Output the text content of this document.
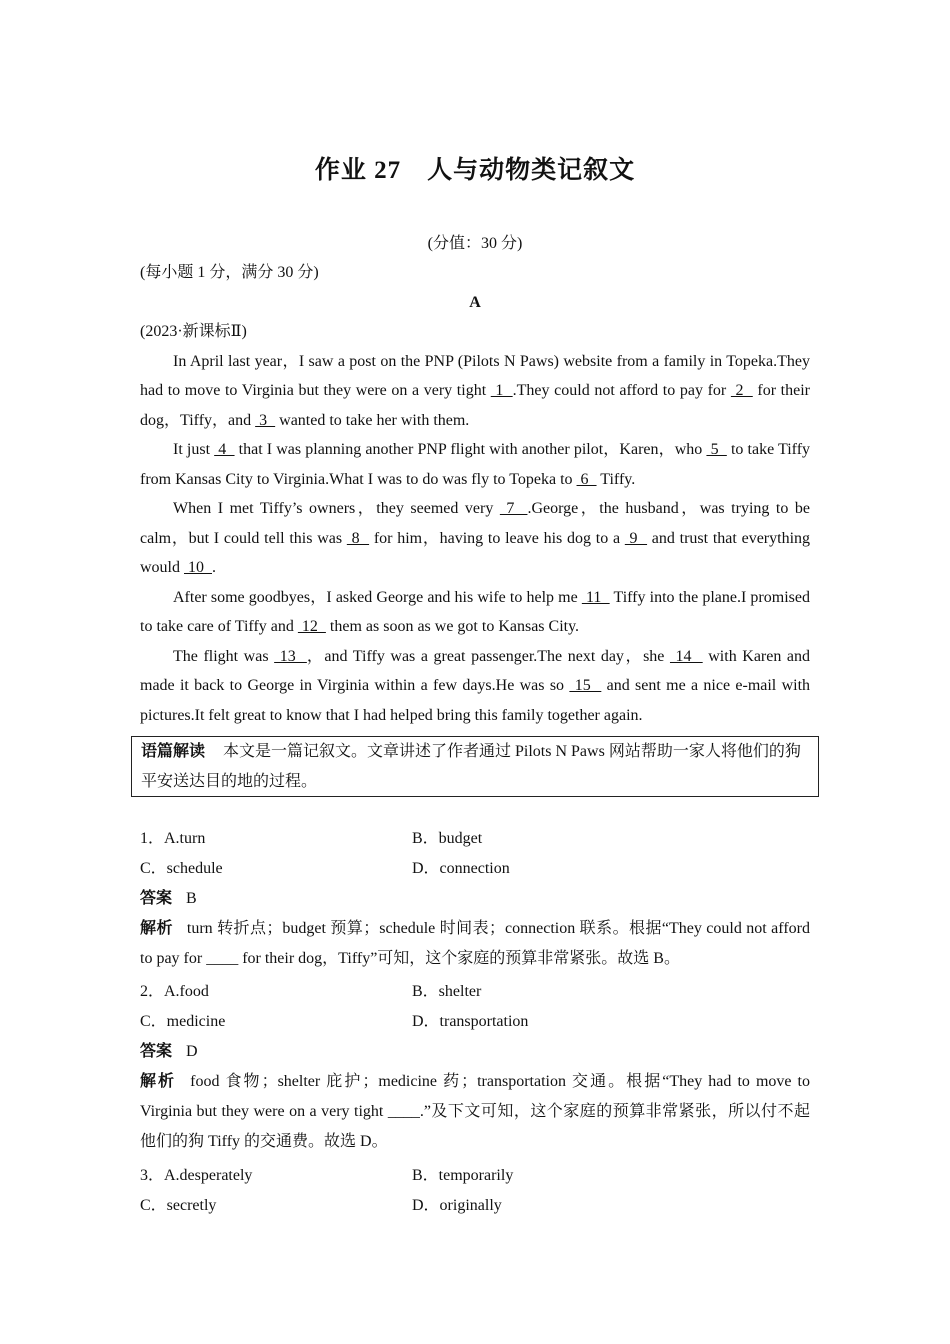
作业 27　人与动物类记叙文
(分值：30 分)
(每小题 1 分，满分 30 分)
A
(2023·新课标Ⅱ)

In April last year，I saw a post on the PNP (Pilots N Paws) website from a family in Topeka.They had to move to Virginia but they were on a very tight  1  .They could not afford to pay for  2   for their dog，Tiffy，and  3   wanted to take her with them.

It just  4   that I was planning another PNP flight with another pilot，Karen，who  5   to take Tiffy from Kansas City to Virginia.What I was to do was fly to Topeka to  6   Tiffy.

When I met Tiffy’s owners，they seemed very  7  .George，the husband，was trying to be calm，but I could tell this was  8   for him，having to leave his dog to a  9   and trust that everything would  10  .

After some goodbyes，I asked George and his wife to help me  11   Tiffy into the plane.I promised to take care of Tiffy and  12   them as soon as we got to Kansas City.

The flight was  13  ，and Tiffy was a great passenger.The next day，she  14   with Karen and made it back to George in Virginia within a few days.He was so  15   and sent me a nice e-mail with pictures.It felt great to know that I had helped bring this family together again.

语篇解读 本文是一篇记叙文。文章讲述了作者通过 Pilots N Paws 网站帮助一家人将他们的狗平安送达目的地的过程。
1．A.turn	B．budget
C．schedule	D．connection
答案 B
解析 turn 转折点；budget 预算；schedule 时间表；connection 联系。根据“They could not afford to pay for ____ for their dog，Tiffy”可知，这个家庭的预算非常紧张。故选 B。
2．A.food	B．shelter
C．medicine	D．transportation
答案 D
解析 food 食物；shelter 庇护；medicine 药；transportation 交通。根据“They had to move to Virginia but they were on a very tight ____.”及下文可知，这个家庭的预算非常紧张，所以付不起他们的狗 Tiffy 的交通费。故选 D。
3．A.desperately	B．temporarily
C．secretly	D．originally
